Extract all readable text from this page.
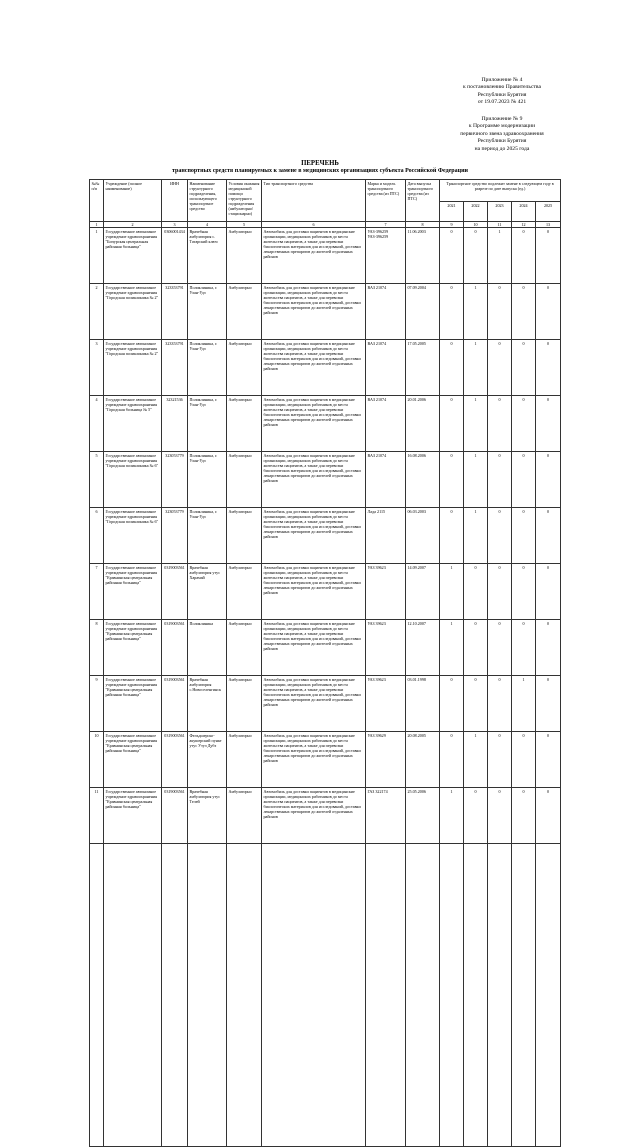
Приложение № 4
к постановлению Правительства
Республики Бурятия
от 19.07.2023 № 421
Приложение № 9
к Программе модернизации
первичного звена здравоохранения
Республики Бурятия
на период до 2025 года
ПЕРЕЧЕНЬ
транспортных средств планируемых к замене в медицинских организациях субъекта Российской Федерации
№№ п/п	Учреждение (полное наименование)	ИНН	Наименование структурного подразделения, использующего транспортное средство	Условия оказания медицинской помощи структурного подразделения (амбулаторно/ стационарно)	Тип транспортного средства	Марка и модель транспортного средства (из ПТС)	Дата выпуска транспортного средства (из ПТС)	Транспортное средство подлежит замене в следующем году в разрезе по дате выпуска (ед.)				
								2021	2022	2023	2024	2025
1	2	3	4	5	6	7	8	9	10	11	12	13
1	Государственное автономное учреждение здравоохранения "Бичурская центральная районная больница"	0306001434	Врачебная амбулатория с. Татарский ключ	Амбулаторно	Автомобиль для доставки пациентов в медицинские организации, медицинских работников до места жительства пациентов, а также для перевозки биологических материалов для исследований, доставки лекарственных препаратов до жителей отдаленных районов	УАЗ-396259 УАЗ-396259	11.06.2003	0	0	1	0	0
2	Государственное автономное учреждение здравоохранения "Городская поликлиника № 2"	323353791	Поликлиника, г. Улан-Удэ	Амбулаторно	Автомобиль для доставки пациентов в медицинские организации, медицинских работников до места жительства пациентов, а также для перевозки биологических материалов для исследований, доставки лекарственных препаратов до жителей отдаленных районов	ВАЗ 21074	07.09.2004	0	1	0	0	0
3	Государственное автономное учреждение здравоохранения "Городская поликлиника № 2"	323353791	Поликлиника, г. Улан-Удэ	Амбулаторно	Автомобиль для доставки пациентов в медицинские организации, медицинских работников до места жительства пациентов, а также для перевозки биологических материалов для исследований, доставки лекарственных препаратов до жителей отдаленных районов	ВАЗ 21074	17.05.2005	0	1	0	0	0
4	Государственное автономное учреждение здравоохранения "Городская больница № 5"	32321536	Поликлиника, г. Улан-Удэ	Амбулаторно	Автомобиль для доставки пациентов в медицинские организации, медицинских работников до места жительства пациентов, а также для перевозки биологических материалов для исследований, доставки лекарственных препаратов до жителей отдаленных районов	ВАЗ 21074	20.01.2006	0	1	0	0	0
5	Государственное автономное учреждение здравоохранения "Городская поликлиника № 6"	323053779	Поликлиника, г. Улан-Удэ	Амбулаторно	Автомобиль для доставки пациентов в медицинские организации, медицинских работников до места жительства пациентов, а также для перевозки биологических материалов для исследований, доставки лекарственных препаратов до жителей отдаленных районов	ВАЗ 21074	16.08.2006	0	1	0	0	0
6	Государственное автономное учреждение здравоохранения "Городская поликлиника № 6"	323053779	Поликлиника, г. Улан-Удэ	Амбулаторно	Автомобиль для доставки пациентов в медицинские организации, медицинских работников до места жительства пациентов, а также для перевозки биологических материалов для исследований, доставки лекарственных препаратов до жителей отдаленных районов	Лада 2115	06.03.2003	0	1	0	0	0
7	Государственное автономное учреждение здравоохранения "Еравнинская центральная районная больница"	0319003561	Врачебная амбулатория утус Харамай	Амбулаторно	Автомобиль для доставки пациентов в медицинские организации, медицинских работников до места жительства пациентов, а также для перевозки биологических материалов для исследований, доставки лекарственных препаратов до жителей отдаленных районов	УАЗ 39623	14.09.2007	1	0	0	0	0
8	Государственное автономное учреждение здравоохранения "Еравнинская центральная районная больница"	0319003561	Поликлиника	Амбулаторно	Автомобиль для доставки пациентов в медицинские организации, медицинских работников до места жительства пациентов, а также для перевозки биологических материалов для исследований, доставки лекарственных препаратов до жителей отдаленных районов	УАЗ 39623	12.10.2007	1	0	0	0	0
9	Государственное автономное учреждение здравоохранения "Еравнинская центральная районная больница"	0319003561	Врачебная амбулатория с.Новоселенгинск	Амбулаторно	Автомобиль для доставки пациентов в медицинские организации, медицинских работников до места жительства пациентов, а также для перевозки биологических материалов для исследований, доставки лекарственных препаратов до жителей отдаленных районов	УАЗ 39623	03.01.1998	0	0	0	1	0
10	Государственное автономное учреждение здравоохранения "Еравнинская центральная районная больница"	0319003561	Фельдшерско-акушерский пункт утус Утуэ Дубэ	Амбулаторно	Автомобиль для доставки пациентов в медицинские организации, медицинских работников до места жительства пациентов, а также для перевозки биологических материалов для исследований, доставки лекарственных препаратов до жителей отдаленных районов	УАЗ 39629	20.08.2005	0	1	0	0	0
11	Государственное автономное учреждение здравоохранения "Еравнинская центральная районная больница"	0319003561	Врачебная амбулатория утус Телей	Амбулаторно	Автомобиль для доставки пациентов в медицинские организации, медицинских работников до места жительства пациентов, а также для перевозки биологических материалов для исследований, доставки лекарственных препаратов до жителей отдаленных районов	ГАЗ 322174	25.05.2006	1	0	0	0	0
